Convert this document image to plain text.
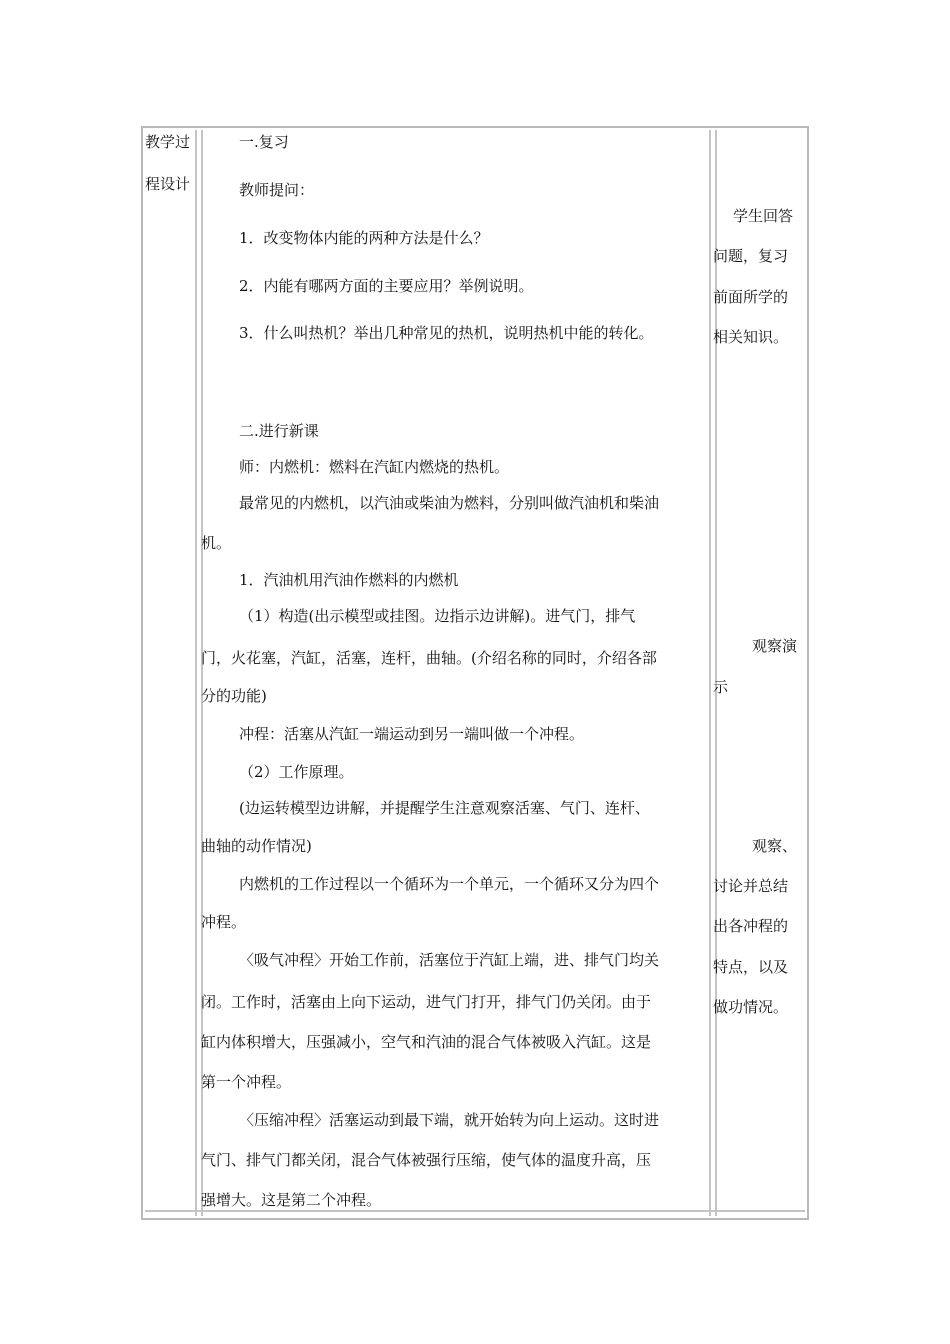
教学过
程设计
一.复习
教师提问：
1．改变物体内能的两种方法是什么？
2．内能有哪两方面的主要应用？举例说明。
3．什么叫热机？举出几种常见的热机，说明热机中能的转化。
二.进行新课
师：内燃机：燃料在汽缸内燃烧的热机。
最常见的内燃机，以汽油或柴油为燃料，分别叫做汽油机和柴油
机。
1．汽油机用汽油作燃料的内燃机
（1）构造(出示模型或挂图。边指示边讲解)。进气门，排气
门，火花塞，汽缸，活塞，连杆，曲轴。(介绍名称的同时，介绍各部
分的功能)
冲程：活塞从汽缸一端运动到另一端叫做一个冲程。
（2）工作原理。
(边运转模型边讲解，并提醒学生注意观察活塞、气门、连杆、
曲轴的动作情况)
内燃机的工作过程以一个循环为一个单元，一个循环又分为四个
冲程。
〈吸气冲程〉开始工作前，活塞位于汽缸上端，进、排气门均关
闭。工作时，活塞由上向下运动，进气门打开，排气门仍关闭。由于
缸内体积增大，压强减小，空气和汽油的混合气体被吸入汽缸。这是
第一个冲程。
〈压缩冲程〉活塞运动到最下端，就开始转为向上运动。这时进
气门、排气门都关闭，混合气体被强行压缩，使气体的温度升高，压
强增大。这是第二个冲程。
学生回答
问题，复习
前面所学的
相关知识。
观察演
示
观察、
讨论并总结
出各冲程的
特点，以及
做功情况。
